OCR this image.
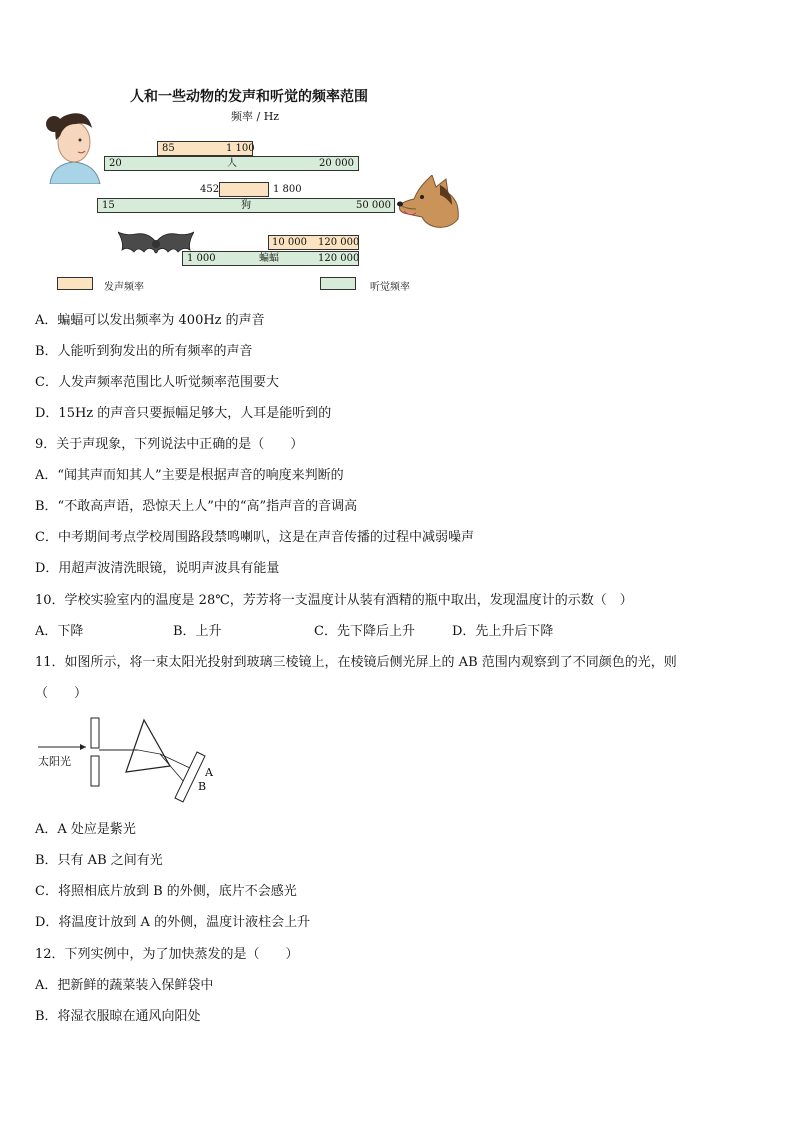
人和一些动物的发声和听觉的频率范围
频率 / Hz
85	1 100
20	人	20 000
452	1 800
15	狗	50 000
10 000 120 000
1 000	蝙蝠	120 000
发声频率	听觉频率
A．蝙蝠可以发出频率为 400Hz 的声音
B．人能听到狗发出的所有频率的声音
C．人发声频率范围比人听觉频率范围要大
D．15Hz 的声音只要振幅足够大，人耳是能听到的
9．关于声现象，下列说法中正确的是（　　）
A．“闻其声而知其人”主要是根据声音的响度来判断的
B．“不敢高声语，恐惊天上人”中的“高”指声音的音调高
C．中考期间考点学校周围路段禁鸣喇叭，这是在声音传播的过程中减弱噪声
D．用超声波清洗眼镜，说明声波具有能量
10．学校实验室内的温度是 28℃，芳芳将一支温度计从装有酒精的瓶中取出，发现温度计的示数（　）
A．下降	B．上升	C．先下降后上升	D．先上升后下降
11．如图所示，将一束太阳光投射到玻璃三棱镜上，在棱镜后侧光屏上的 AB 范围内观察到了不同颜色的光，则
（　　）
太阳光
A
B
A．A 处应是紫光
B．只有 AB 之间有光
C．将照相底片放到 B 的外侧，底片不会感光
D．将温度计放到 A 的外侧，温度计液柱会上升
12．下列实例中，为了加快蒸发的是（　　）
A．把新鲜的蔬菜装入保鲜袋中
B．将湿衣服晾在通风向阳处
